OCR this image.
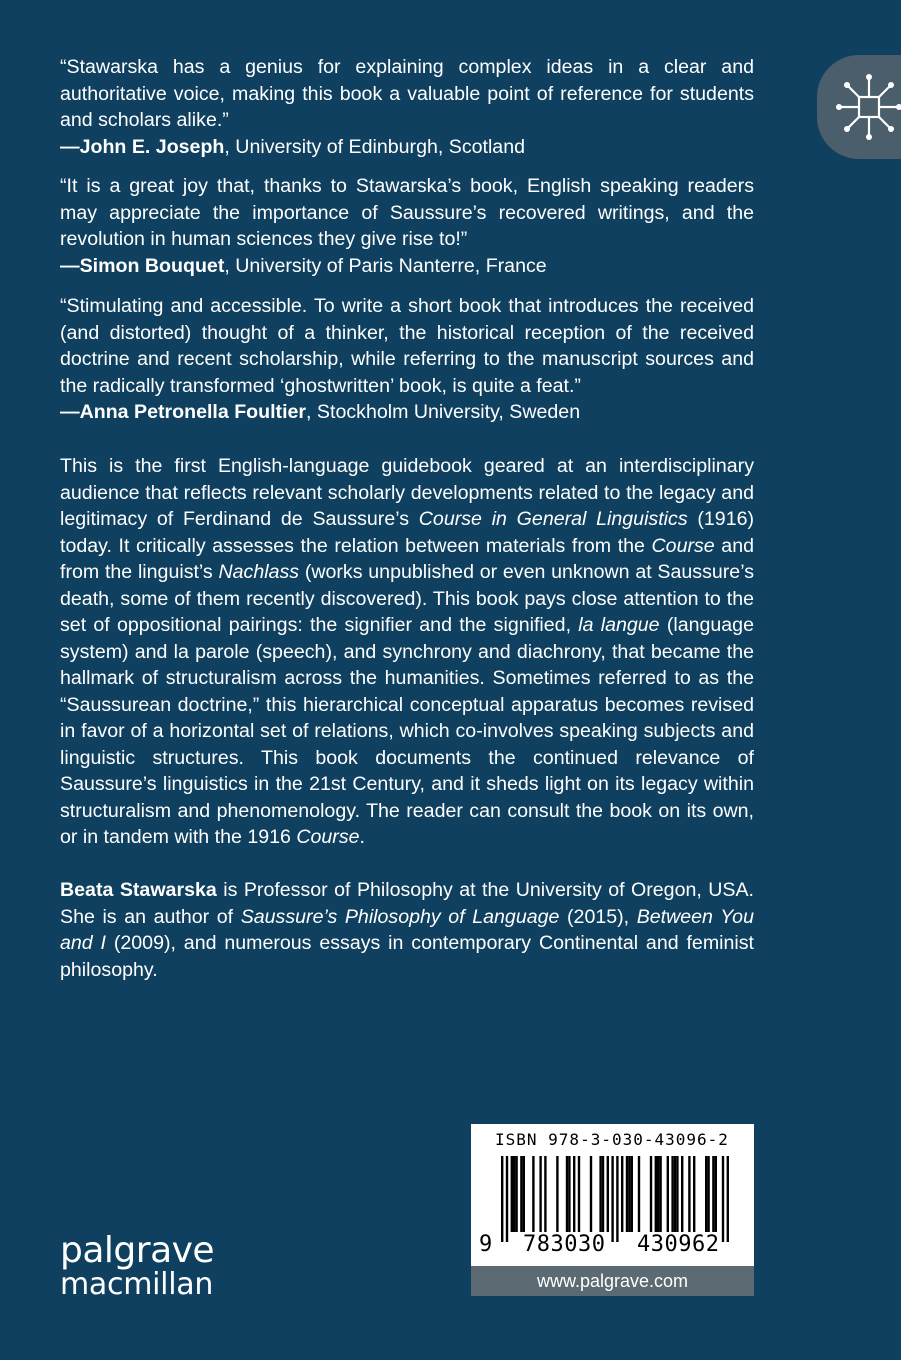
“Stawarska has a genius for explaining complex ideas in a clear and authoritative voice, making this book a valuable point of reference for students and scholars alike.”

—John E. Joseph, University of Edinburgh, Scotland

“It is a great joy that, thanks to Stawarska’s book, English speaking readers may appreciate the importance of Saussure’s recovered writings, and the revolution in human sciences they give rise to!”

—Simon Bouquet, University of Paris Nanterre, France

“Stimulating and accessible. To write a short book that introduces the received (and distorted) thought of a thinker, the historical reception of the received doctrine and recent scholarship, while referring to the manuscript sources and the radically transformed ‘ghostwritten’ book, is quite a feat.”

—Anna Petronella Foultier, Stockholm University, Sweden

This is the first English-language guidebook geared at an interdisciplinary audience that reflects relevant scholarly developments related to the legacy and legitimacy of Ferdinand de Saussure’s Course in General Linguistics (1916) today. It critically assesses the relation between materials from the Course and from the linguist’s Nachlass (works unpublished or even unknown at Saussure’s death, some of them recently discovered). This book pays close attention to the set of oppositional pairings: the signifier and the signified, la langue (language system) and la parole (speech), and synchrony and diachrony, that became the hallmark of structuralism across the humanities. Sometimes referred to as the “Saussurean doctrine,” this hierarchical conceptual apparatus becomes revised in favor of a horizontal set of relations, which co-involves speaking subjects and linguistic structures. This book documents the continued relevance of Saussure’s linguistics in the 21st Century, and it sheds light on its legacy within structuralism and phenomenology. The reader can consult the book on its own, or in tandem with the 1916 Course.

Beata Stawarska is Professor of Philosophy at the University of Oregon, USA. She is an author of Saussure’s Philosophy of Language (2015), Between You and I (2009), and numerous essays in contemporary Continental and feminist philosophy.

palgrave
macmillan
ISBN 978-3-030-43096-2
9 783030 430962
www.palgrave.com
